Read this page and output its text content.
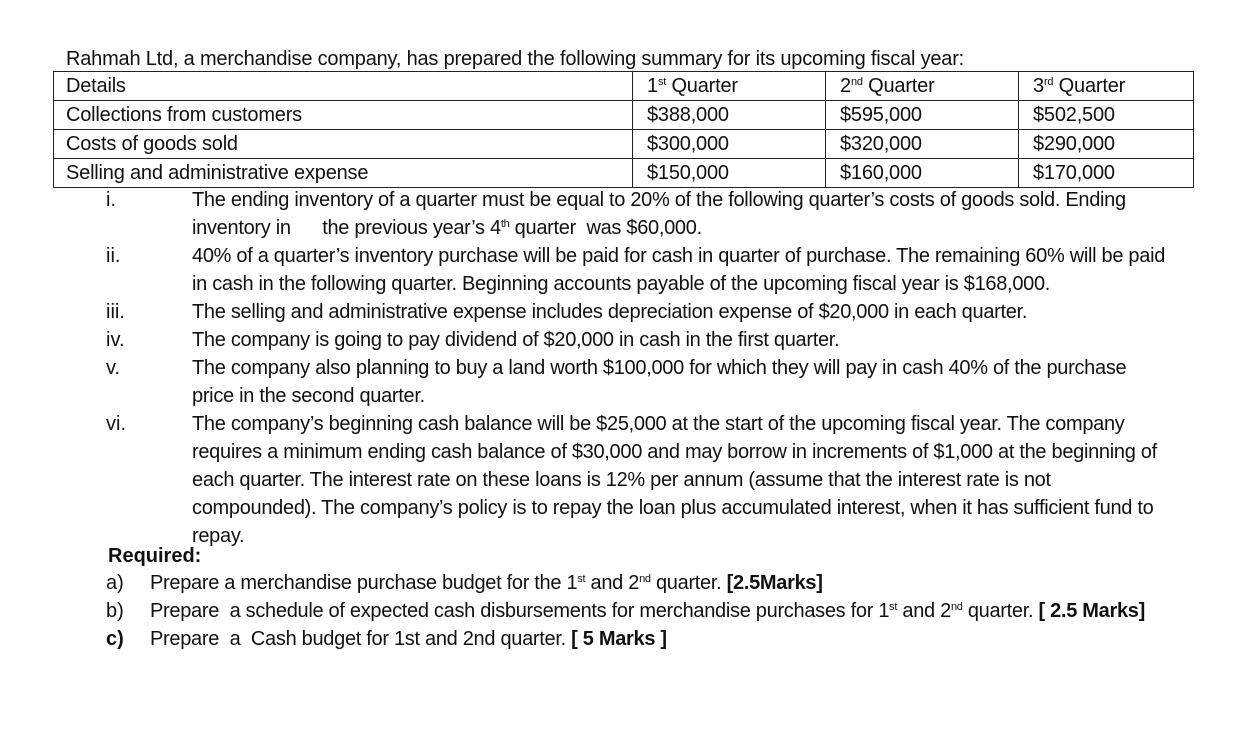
Rahmah Ltd, a merchandise company, has prepared the following summary for its upcoming fiscal year:
Details	1st Quarter	2nd Quarter	3rd Quarter
Collections from customers	$388,000	$595,000	$502,500
Costs of goods sold	$300,000	$320,000	$290,000
Selling and administrative expense	$150,000	$160,000	$170,000
i.	The ending inventory of a quarter must be equal to 20% of the following quarter’s costs of goods sold. Ending
inventory in      the previous year’s 4th quarter  was $60,000.
ii.	40% of a quarter’s inventory purchase will be paid for cash in quarter of purchase. The remaining 60% will be paid
in cash in the following quarter. Beginning accounts payable of the upcoming fiscal year is $168,000.
iii.	The selling and administrative expense includes depreciation expense of $20,000 in each quarter.
iv.	The company is going to pay dividend of $20,000 in cash in the first quarter.
v.	The company also planning to buy a land worth $100,000 for which they will pay in cash 40% of the purchase
price in the second quarter.
vi.	The company’s beginning cash balance will be $25,000 at the start of the upcoming fiscal year. The company
requires a minimum ending cash balance of $30,000 and may borrow in increments of $1,000 at the beginning of
each quarter. The interest rate on these loans is 12% per annum (assume that the interest rate is not
compounded). The company’s policy is to repay the loan plus accumulated interest, when it has sufficient fund to
repay.
Required:
a) Prepare a merchandise purchase budget for the 1st and 2nd quarter. [2.5Marks]
b) Prepare  a schedule of expected cash disbursements for merchandise purchases for 1st and 2nd quarter. [ 2.5 Marks]
c) Prepare  a  Cash budget for 1st and 2nd quarter. [ 5 Marks ]
